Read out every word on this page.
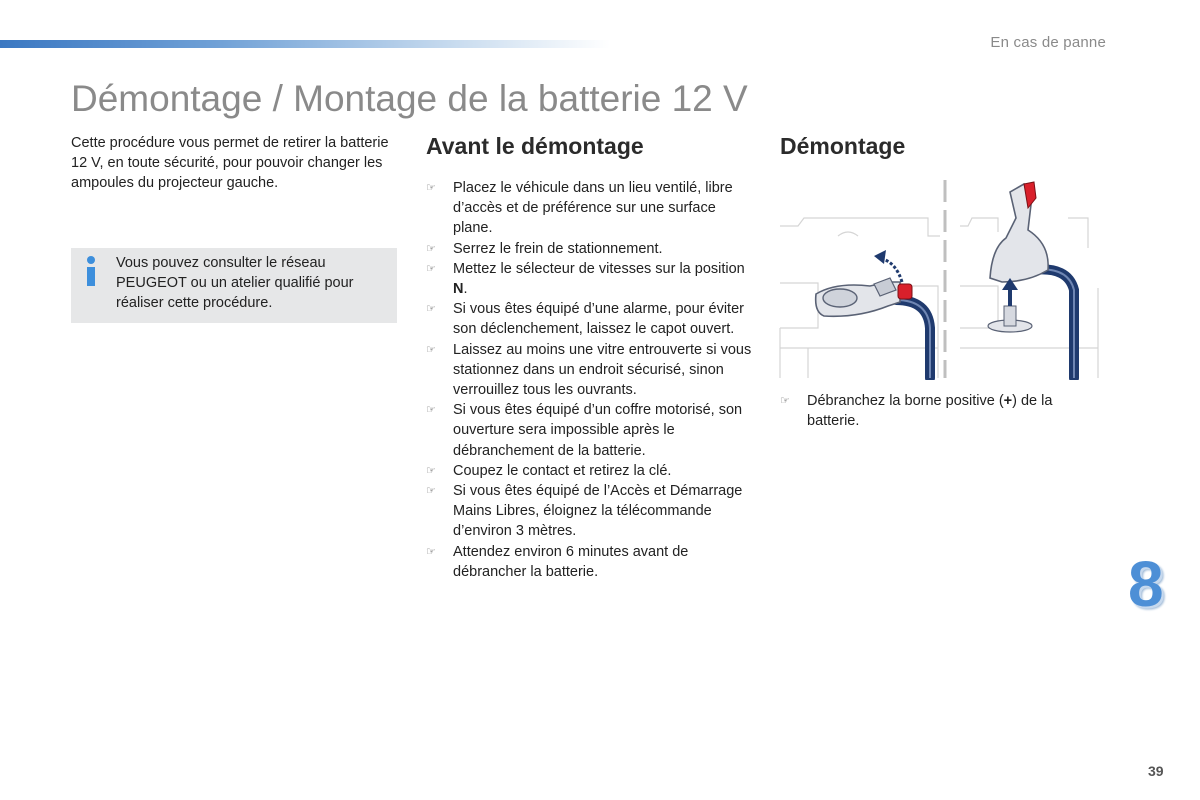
En cas de panne
Démontage / Montage de la batterie 12 V

Cette procédure vous permet de retirer la batterie 12 V, en toute sécurité, pour pouvoir changer les ampoules du projecteur gauche.

Vous pouvez consulter le réseau PEUGEOT ou un atelier qualifié pour réaliser cette procédure.

Avant le démontage
☞ Placez le véhicule dans un lieu ventilé, libre d’accès et de préférence sur une surface plane.
☞ Serrez le frein de stationnement.
☞ Mettez le sélecteur de vitesses sur la position N.
☞ Si vous êtes équipé d’une alarme, pour éviter son déclenchement, laissez le capot ouvert.
☞ Laissez au moins une vitre entrouverte si vous stationnez dans un endroit sécurisé, sinon verrouillez tous les ouvrants.
☞ Si vous êtes équipé d’un coffre motorisé, son ouverture sera impossible après le débranchement de la batterie.
☞ Coupez le contact et retirez la clé.
☞ Si vous êtes équipé de l’Accès et Démarrage Mains Libres, éloignez la télécommande d’environ 3 mètres.
☞ Attendez environ 6 minutes avant de débrancher la batterie.
Démontage
☞ Débranchez la borne positive (+) de la batterie.
8
39
